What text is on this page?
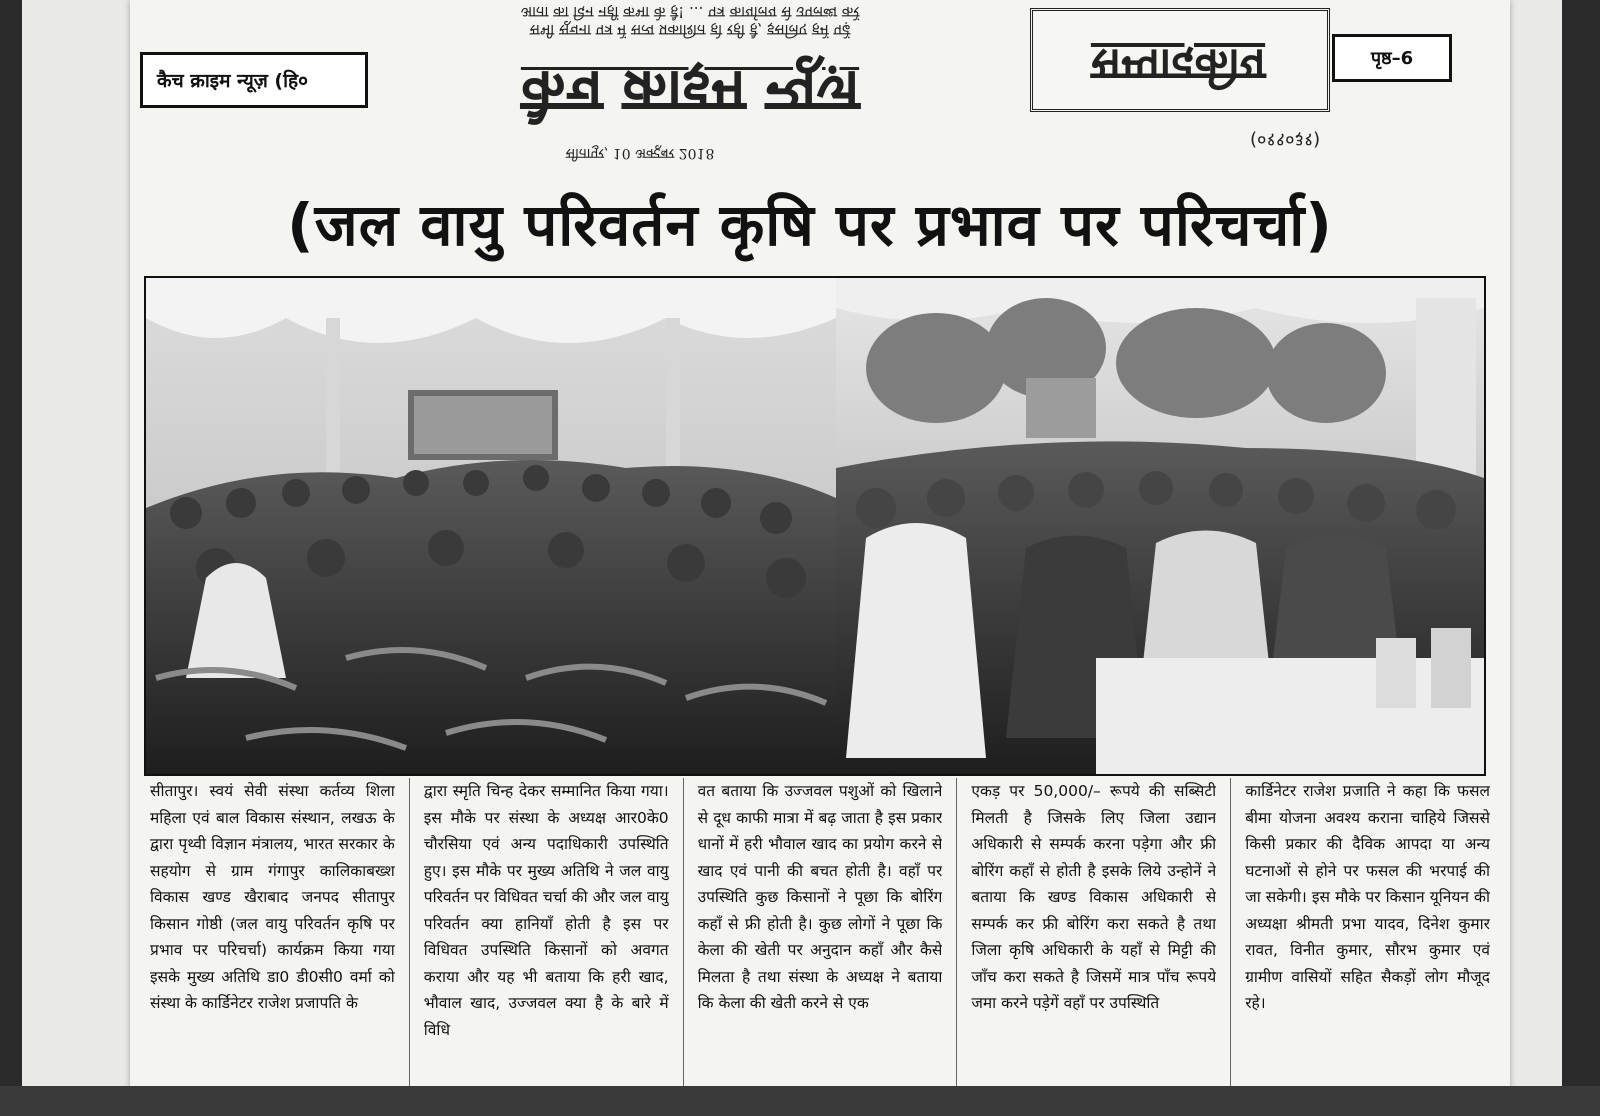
कैच क्राइम न्यूज़ (हि०
आता का दिन नहीं कभा के है! ... पत्र कार्यालय से उपलब्ध करें
सभी सूचना पत्र में सत्य प्रकाशित हो रही है, इसलिए हमें पढ़ें
कैच क्राइम न्यूज़	सम्पादकीय	पृष्ठ–6
(०१९०३१)
सीतापुर, 10 अक्टूबर 2018
(जल वायु परिवर्तन कृषि पर प्रभाव पर परिचर्चा)
सीतापुर। स्वयं सेवी संस्था कर्तव्य शिला महिला एवं बाल विकास संस्थान, लखऊ के द्वारा पृथ्वी विज्ञान मंत्रालय, भारत सरकार के सहयोग से ग्राम गंगापुर कालिकाबख्श विकास खण्ड खैराबाद जनपद सीतापुर किसान गोष्ठी (जल वायु परिवर्तन कृषि पर प्रभाव पर परिचर्चा) कार्यक्रम किया गया इसके मुख्य अतिथि डा0 डी0सी0 वर्मा को संस्था के कार्डिनेटर राजेश प्रजापति के
द्वारा स्मृति चिन्ह देकर सम्मानित किया गया। इस मौके पर संस्था के अध्यक्ष आर0के0 चौरसिया एवं अन्य पदाधिकारी उपस्थिति हुए। इस मौके पर मुख्य अतिथि ने जल वायु परिवर्तन पर विधिवत चर्चा की और जल वायु परिवर्तन क्या हानियाँ होती है इस पर विधिवत उपस्थिति किसानों को अवगत कराया और यह भी बताया कि हरी खाद, भौवाल खाद, उज्जवल क्या है के बारे में विधि
वत बताया कि उज्जवल पशुओं को खिलाने से दूध काफी मात्रा में बढ़ जाता है इस प्रकार धानों में हरी भौवाल खाद का प्रयोग करने से खाद एवं पानी की बचत होती है। वहाँ पर उपस्थिति कुछ किसानों ने पूछा कि बोरिंग कहाँ से फ्री होती है। कुछ लोगों ने पूछा कि केला की खेती पर अनुदान कहाँ और कैसे मिलता है तथा संस्था के अध्यक्ष ने बताया कि केला की खेती करने से एक
एकड़ पर 50,000/– रूपये की सब्सिटी मिलती है जिसके लिए जिला उद्यान अधिकारी से सम्पर्क करना पड़ेगा और फ्री बोरिंग कहाँ से होती है इसके लिये उन्होनें ने बताया कि खण्ड विकास अधिकारी से सम्पर्क कर फ्री बोरिंग करा सकते है तथा जिला कृषि अधिकारी के यहाँ से मिट्टी की जाँच करा सकते है जिसमें मात्र पाँच रूपये जमा करने पड़ेगें वहाँ पर उपस्थिति
कार्डिनेटर राजेश प्रजाति ने कहा कि फसल बीमा योजना अवश्य कराना चाहिये जिससे किसी प्रकार की दैविक आपदा या अन्य घटनाओं से होने पर फसल की भरपाई की जा सकेगी। इस मौके पर किसान यूनियन की अध्यक्षा श्रीमती प्रभा यादव, दिनेश कुमार रावत, विनीत कुमार, सौरभ कुमार एवं ग्रामीण वासियों सहित सैकड़ों लोग मौजूद रहे।
